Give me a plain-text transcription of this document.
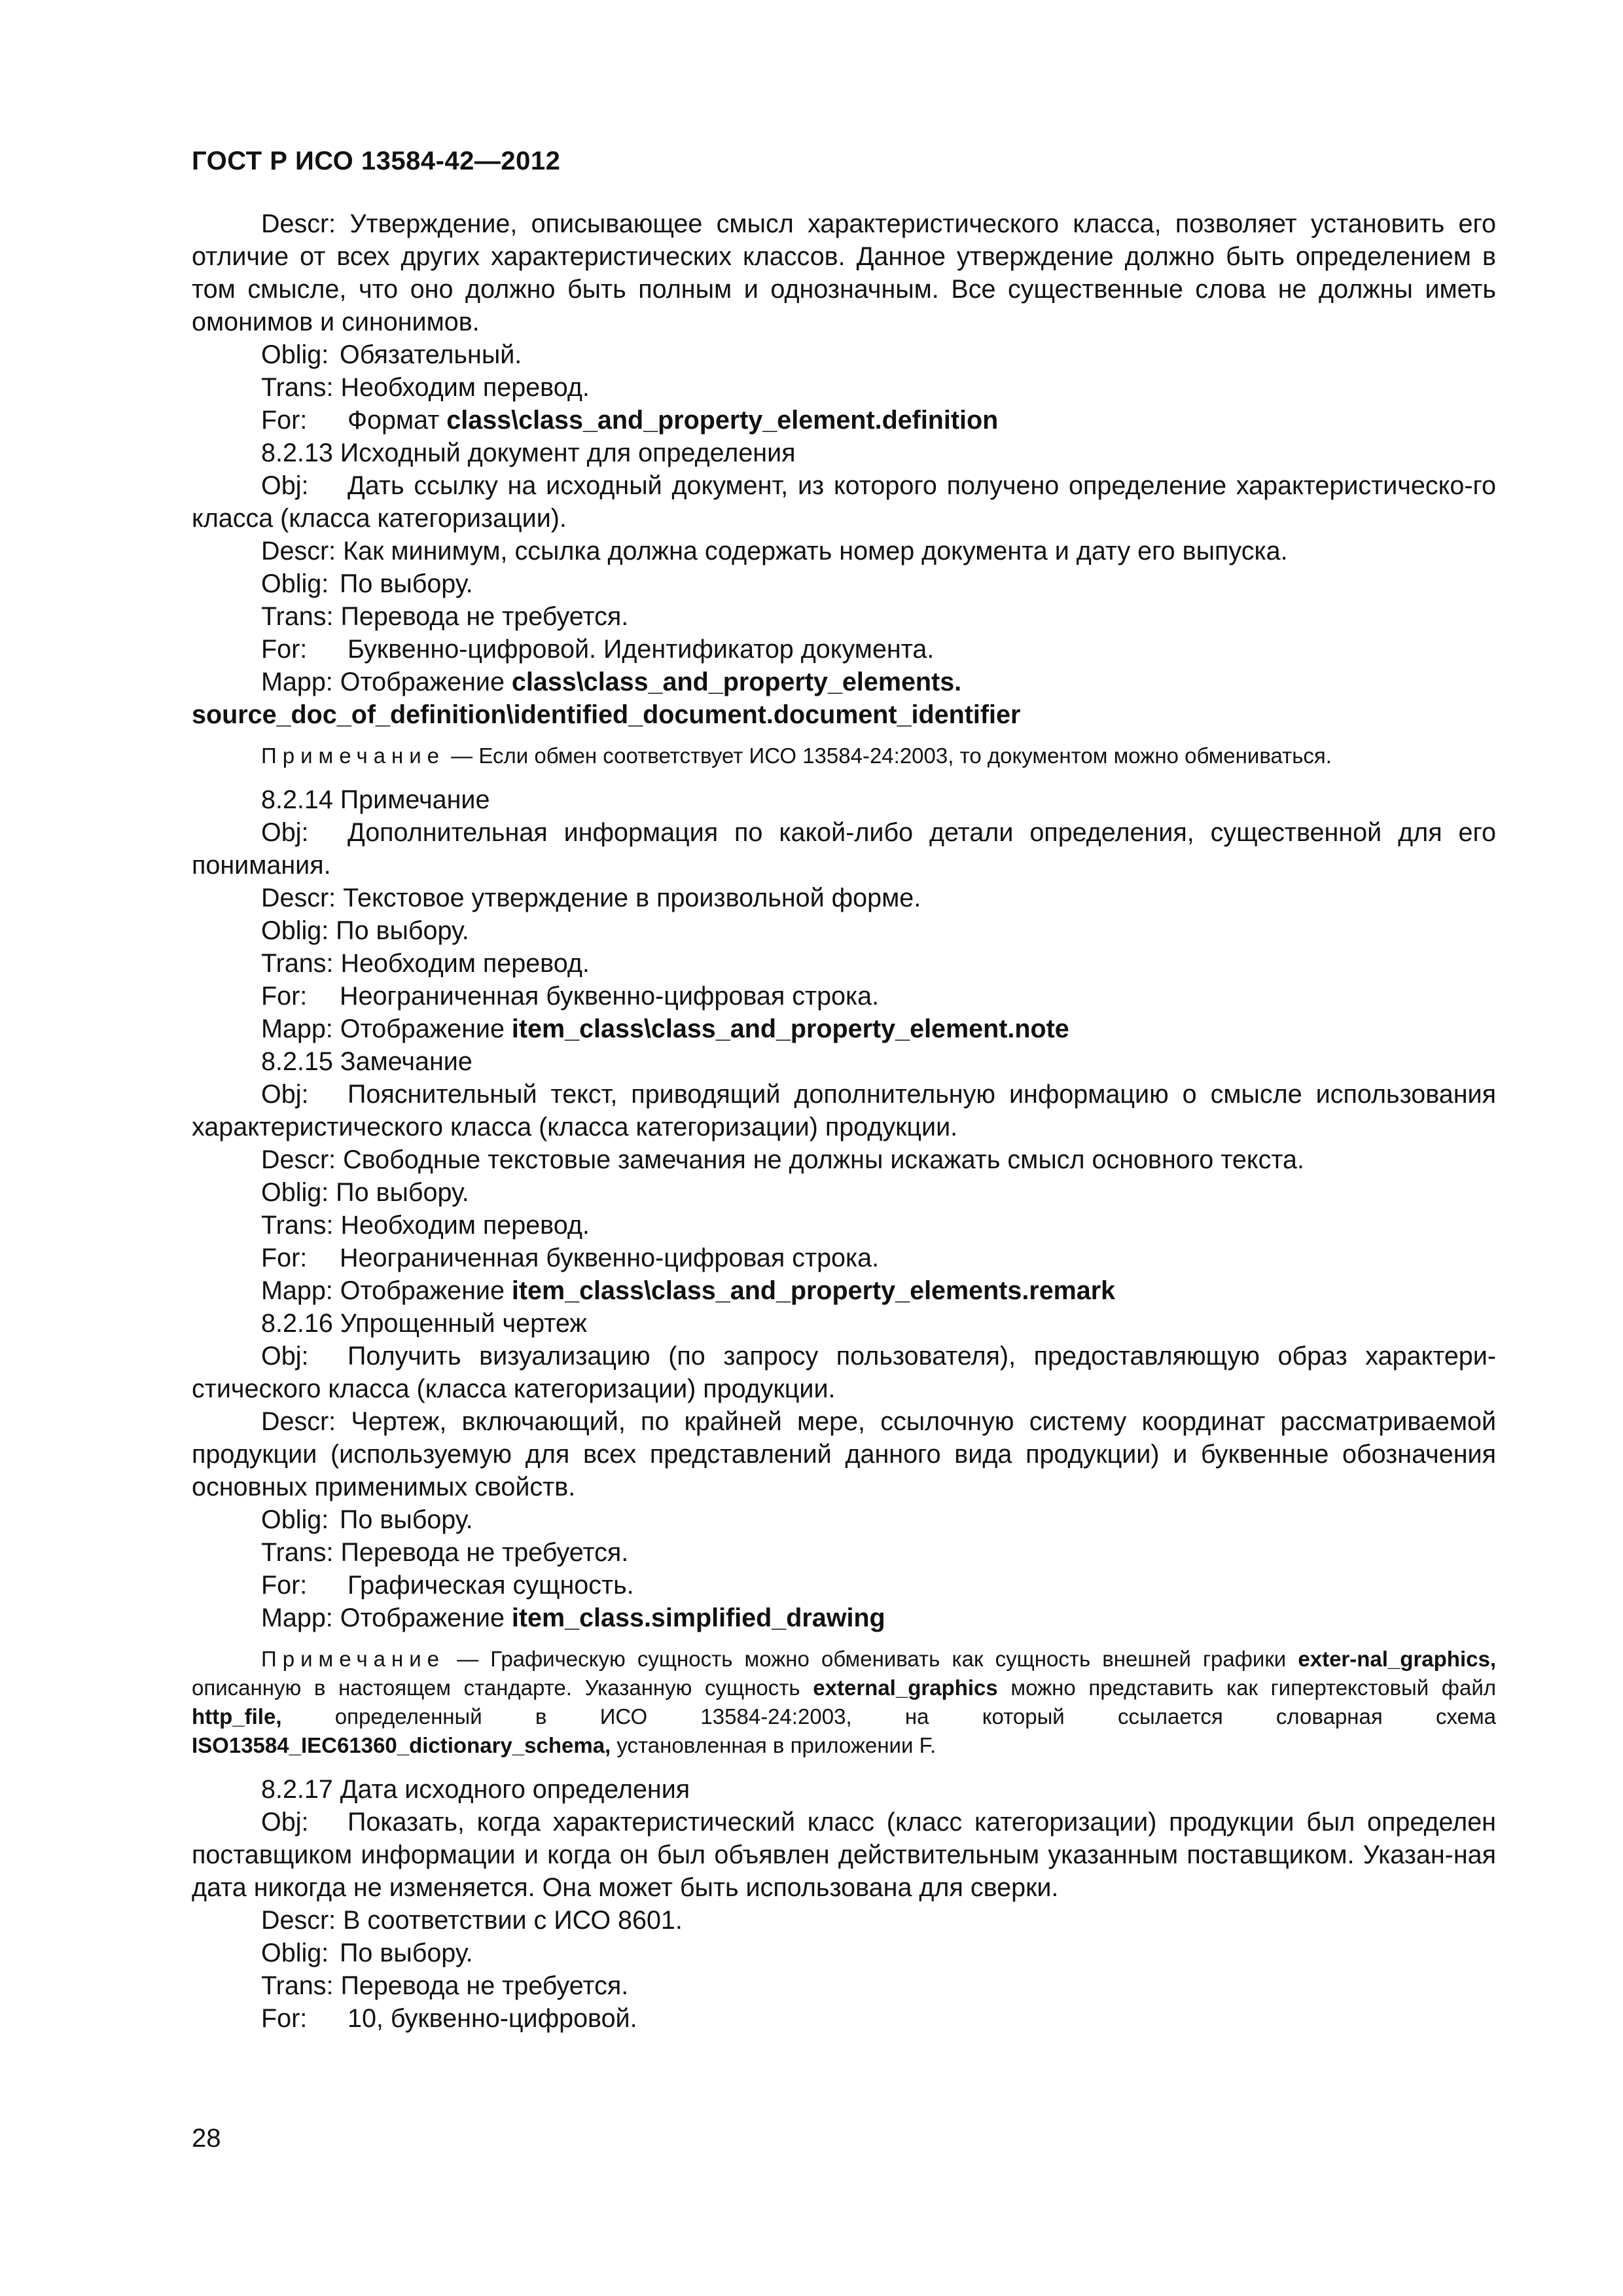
ГОСТ Р ИСО 13584-42—2012

Descr: Утверждение, описывающее смысл характеристического класса, позволяет установить его отличие от всех других характеристических классов. Данное утверждение должно быть определением в том смысле, что оно должно быть полным и однозначным. Все существенные слова не должны иметь омонимов и синонимов.

Oblig: Обязательный.

Trans: Необходим перевод.

For: Формат class\class_and_property_element.definition

8.2.13 Исходный документ для определения

Obj: Дать ссылку на исходный документ, из которого получено определение характеристическо-го класса (класса категоризации).

Descr: Как минимум, ссылка должна содержать номер документа и дату его выпуска.

Oblig: По выбору.

Trans: Перевода не требуется.

For: Буквенно-цифровой. Идентификатор документа.

Mapp: Отображение class\class_and_property_elements.
source_doc_of_definition\identified_document.document_identifier

Примечание — Если обмен соответствует ИСО 13584-24:2003, то документом можно обмениваться.

8.2.14 Примечание

Obj: Дополнительная информация по какой-либо детали определения, существенной для его понимания.

Descr: Текстовое утверждение в произвольной форме.

Oblig: По выбору.

Trans: Необходим перевод.

For: Неограниченная буквенно-цифровая строка.

Mapp: Отображение item_class\class_and_property_element.note

8.2.15 Замечание

Obj: Пояснительный текст, приводящий дополнительную информацию о смысле использования характеристического класса (класса категоризации) продукции.

Descr: Свободные текстовые замечания не должны искажать смысл основного текста.

Oblig: По выбору.

Trans: Необходим перевод.

For: Неограниченная буквенно-цифровая строка.

Mapp: Отображение item_class\class_and_property_elements.remark

8.2.16 Упрощенный чертеж

Obj: Получить визуализацию (по запросу пользователя), предоставляющую образ характери-стического класса (класса категоризации) продукции.

Descr: Чертеж, включающий, по крайней мере, ссылочную систему координат рассматриваемой продукции (используемую для всех представлений данного вида продукции) и буквенные обозначения основных применимых свойств.

Oblig: По выбору.

Trans: Перевода не требуется.

For: Графическая сущность.

Mapp: Отображение item_class.simplified_drawing

Примечание — Графическую сущность можно обменивать как сущность внешней графики exter-nal_graphics, описанную в настоящем стандарте. Указанную сущность external_graphics можно представить как гипертекстовый файл http_file, определенный в ИСО 13584-24:2003, на который ссылается словарная схема ISO13584_IEC61360_dictionary_schema, установленная в приложении F.

8.2.17 Дата исходного определения

Obj: Показать, когда характеристический класс (класс категоризации) продукции был определен поставщиком информации и когда он был объявлен действительным указанным поставщиком. Указан-ная дата никогда не изменяется. Она может быть использована для сверки.

Descr: В соответствии с ИСО 8601.

Oblig: По выбору.

Trans: Перевода не требуется.

For: 10, буквенно-цифровой.

28
